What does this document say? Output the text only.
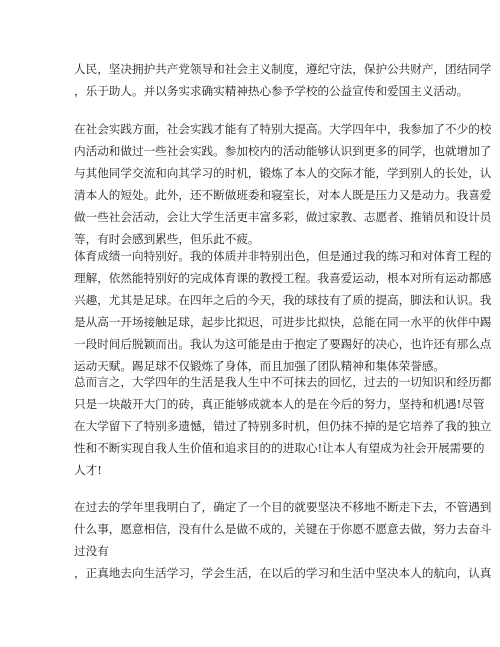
人民，坚决拥护共产党领导和社会主义制度，遵纪守法，保护公共财产，团结同学
，乐于助人。并以务实求确实精神热心参予学校的公益宣传和爱国主义活动。
在社会实践方面，社会实践才能有了特别大提高。大学四年中，我参加了不少的校
内活动和做过一些社会实践。参加校内的活动能够认识到更多的同学，也就增加了
与其他同学交流和向其学习的时机，锻炼了本人的交际才能，学到别人的长处，认
清本人的短处。此外，还不断做班委和寝室长，对本人既是压力又是动力。我喜爱
做一些社会活动，会让大学生活更丰富多彩，做过家教、志愿者、推销员和设计员
等，有时会感到累些，但乐此不疲。
体育成绩一向特别好。我的体质并非特别出色，但是通过我的练习和对体育工程的
理解，依然能特别好的完成体育课的教授工程。我喜爱运动，根本对所有运动都感
兴趣，尤其是足球。在四年之后的今天，我的球技有了质的提高，脚法和认识。我
是从高一开场接触足球，起步比拟迟，可进步比拟快，总能在同一水平的伙伴中踢
一段时间后脱颖而出。我认为这可能是由于抱定了要踢好的决心，也许还有那么点
运动天赋。踢足球不仅锻炼了身体，而且加强了团队精神和集体荣誉感。
总而言之，大学四年的生活是我人生中不可抹去的回忆，过去的一切知识和经历都
只是一块敲开大门的砖，真正能够成就本人的是在今后的努力，坚持和机遇!尽管
在大学留下了特别多遗憾，错过了特别多时机，但仍抹不掉的是它培养了我的独立
性和不断实现自我人生价值和追求目的的进取心!让本人有望成为社会开展需要的
人才!
在过去的学年里我明白了，确定了一个目的就要坚决不移地不断走下去，不管遇到
什么事，愿意相信，没有什么是做不成的，关键在于你愿不愿意去做，努力去奋斗
过没有
，正真地去向生活学习，学会生活，在以后的学习和生活中坚决本人的航向，认真
